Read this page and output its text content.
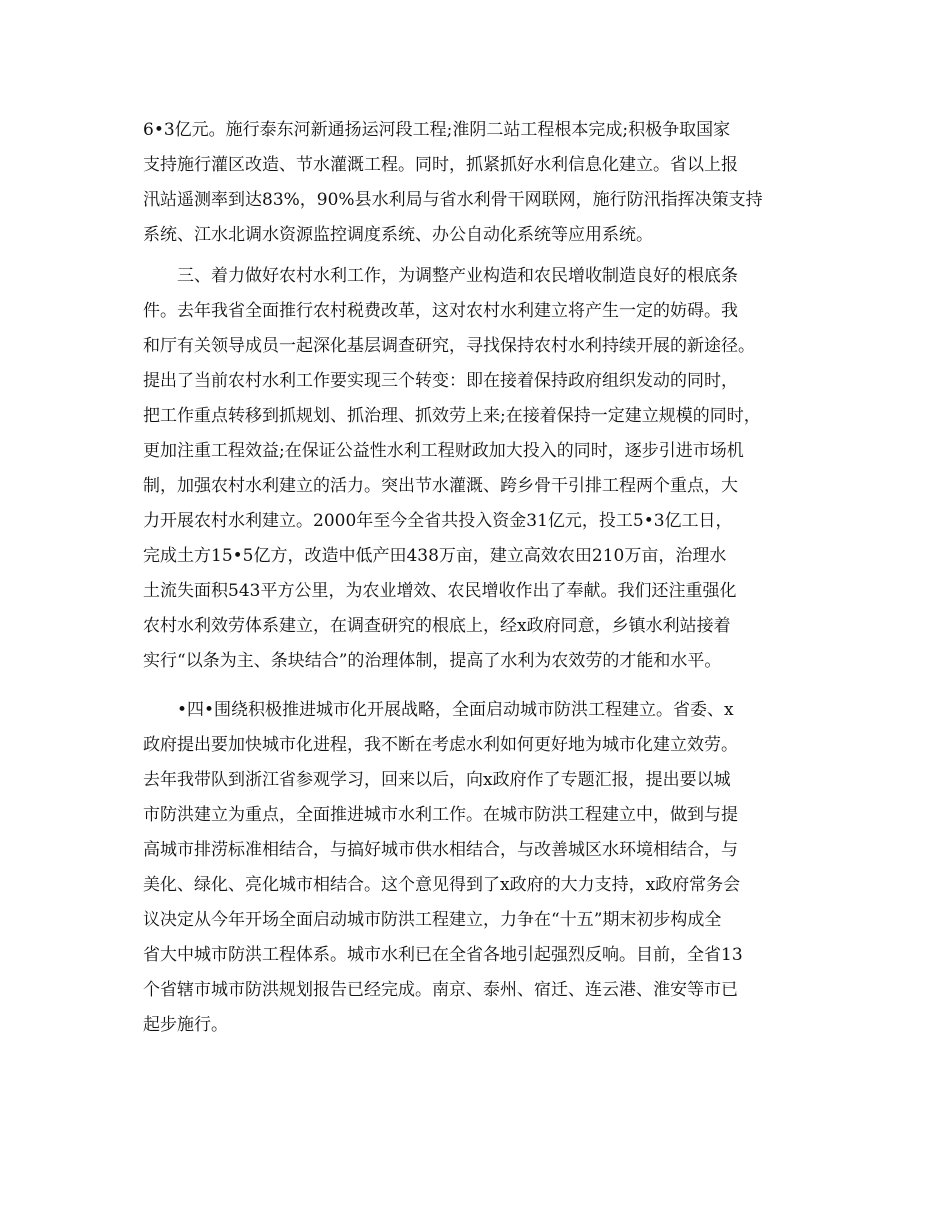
6•3亿元。施行泰东河新通扬运河段工程;淮阴二站工程根本完成;积极争取国家
支持施行灌区改造、节水灌溉工程。同时，抓紧抓好水利信息化建立。省以上报
汛站遥测率到达83%，90%县水利局与省水利骨干网联网，施行防汛指挥决策支持
系统、江水北调水资源监控调度系统、办公自动化系统等应用系统。
　　三、着力做好农村水利工作，为调整产业构造和农民增收制造良好的根底条
件。去年我省全面推行农村税费改革，这对农村水利建立将产生一定的妨碍。我
和厅有关领导成员一起深化基层调查研究，寻找保持农村水利持续开展的新途径。
提出了当前农村水利工作要实现三个转变：即在接着保持政府组织发动的同时，
把工作重点转移到抓规划、抓治理、抓效劳上来;在接着保持一定建立规模的同时，
更加注重工程效益;在保证公益性水利工程财政加大投入的同时，逐步引进市场机
制，加强农村水利建立的活力。突出节水灌溉、跨乡骨干引排工程两个重点，大
力开展农村水利建立。2000年至今全省共投入资金31亿元，投工5•3亿工日，
完成土方15•5亿方，改造中低产田438万亩，建立高效农田210万亩，治理水
土流失面积543平方公里，为农业增效、农民增收作出了奉献。我们还注重强化
农村水利效劳体系建立，在调查研究的根底上，经x政府同意，乡镇水利站接着
实行“以条为主、条块结合”的治理体制，提高了水利为农效劳的才能和水平。
　　•四•围绕积极推进城市化开展战略，全面启动城市防洪工程建立。省委、x
政府提出要加快城市化进程，我不断在考虑水利如何更好地为城市化建立效劳。
去年我带队到浙江省参观学习，回来以后，向x政府作了专题汇报，提出要以城
市防洪建立为重点，全面推进城市水利工作。在城市防洪工程建立中，做到与提
高城市排涝标准相结合，与搞好城市供水相结合，与改善城区水环境相结合，与
美化、绿化、亮化城市相结合。这个意见得到了x政府的大力支持，x政府常务会
议决定从今年开场全面启动城市防洪工程建立，力争在“十五”期末初步构成全
省大中城市防洪工程体系。城市水利已在全省各地引起强烈反响。目前，全省13
个省辖市城市防洪规划报告已经完成。南京、泰州、宿迁、连云港、淮安等市已
起步施行。
